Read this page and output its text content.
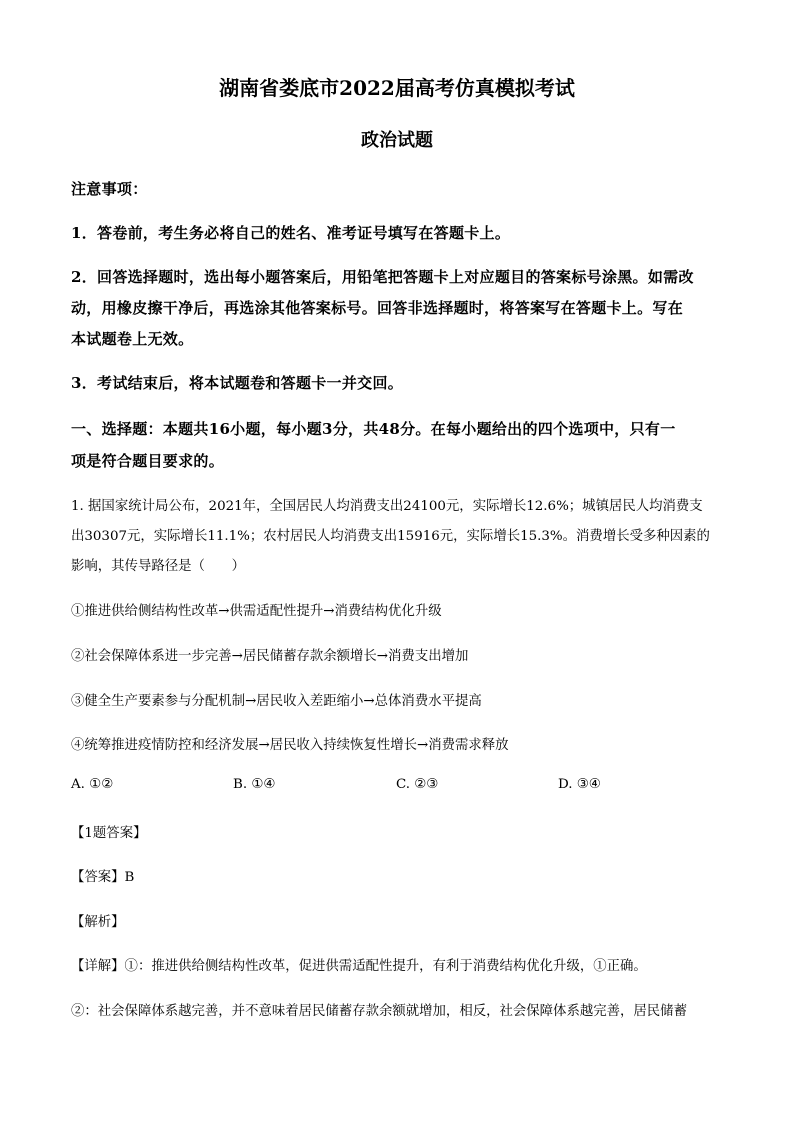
湖南省娄底市2022届高考仿真模拟考试
政治试题
注意事项：
1．答卷前，考生务必将自己的姓名、准考证号填写在答题卡上。
2．回答选择题时，选出每小题答案后，用铅笔把答题卡上对应题目的答案标号涂黑。如需改
动，用橡皮擦干净后，再选涂其他答案标号。回答非选择题时，将答案写在答题卡上。写在
本试题卷上无效。
3．考试结束后，将本试题卷和答题卡一并交回。
一、选择题：本题共16小题，每小题3分，共48分。在每小题给出的四个选项中，只有一
项是符合题目要求的。
1. 据国家统计局公布，2021年，全国居民人均消费支出24100元，实际增长12.6%；城镇居民人均消费支
出30307元，实际增长11.1%；农村居民人均消费支出15916元，实际增长15.3%。消费增长受多种因素的
影响，其传导路径是（　　）
①推进供给侧结构性改革→供需适配性提升→消费结构优化升级
②社会保障体系进一步完善→居民储蓄存款余额增长→消费支出增加
③健全生产要素参与分配机制→居民收入差距缩小→总体消费水平提高
④统筹推进疫情防控和经济发展→居民收入持续恢复性增长→消费需求释放
A. ①②	B. ①④	C. ②③	D. ③④
【1题答案】
【答案】B
【解析】
【详解】①：推进供给侧结构性改革，促进供需适配性提升，有利于消费结构优化升级，①正确。
②：社会保障体系越完善，并不意味着居民储蓄存款余额就增加，相反，社会保障体系越完善，居民储蓄
